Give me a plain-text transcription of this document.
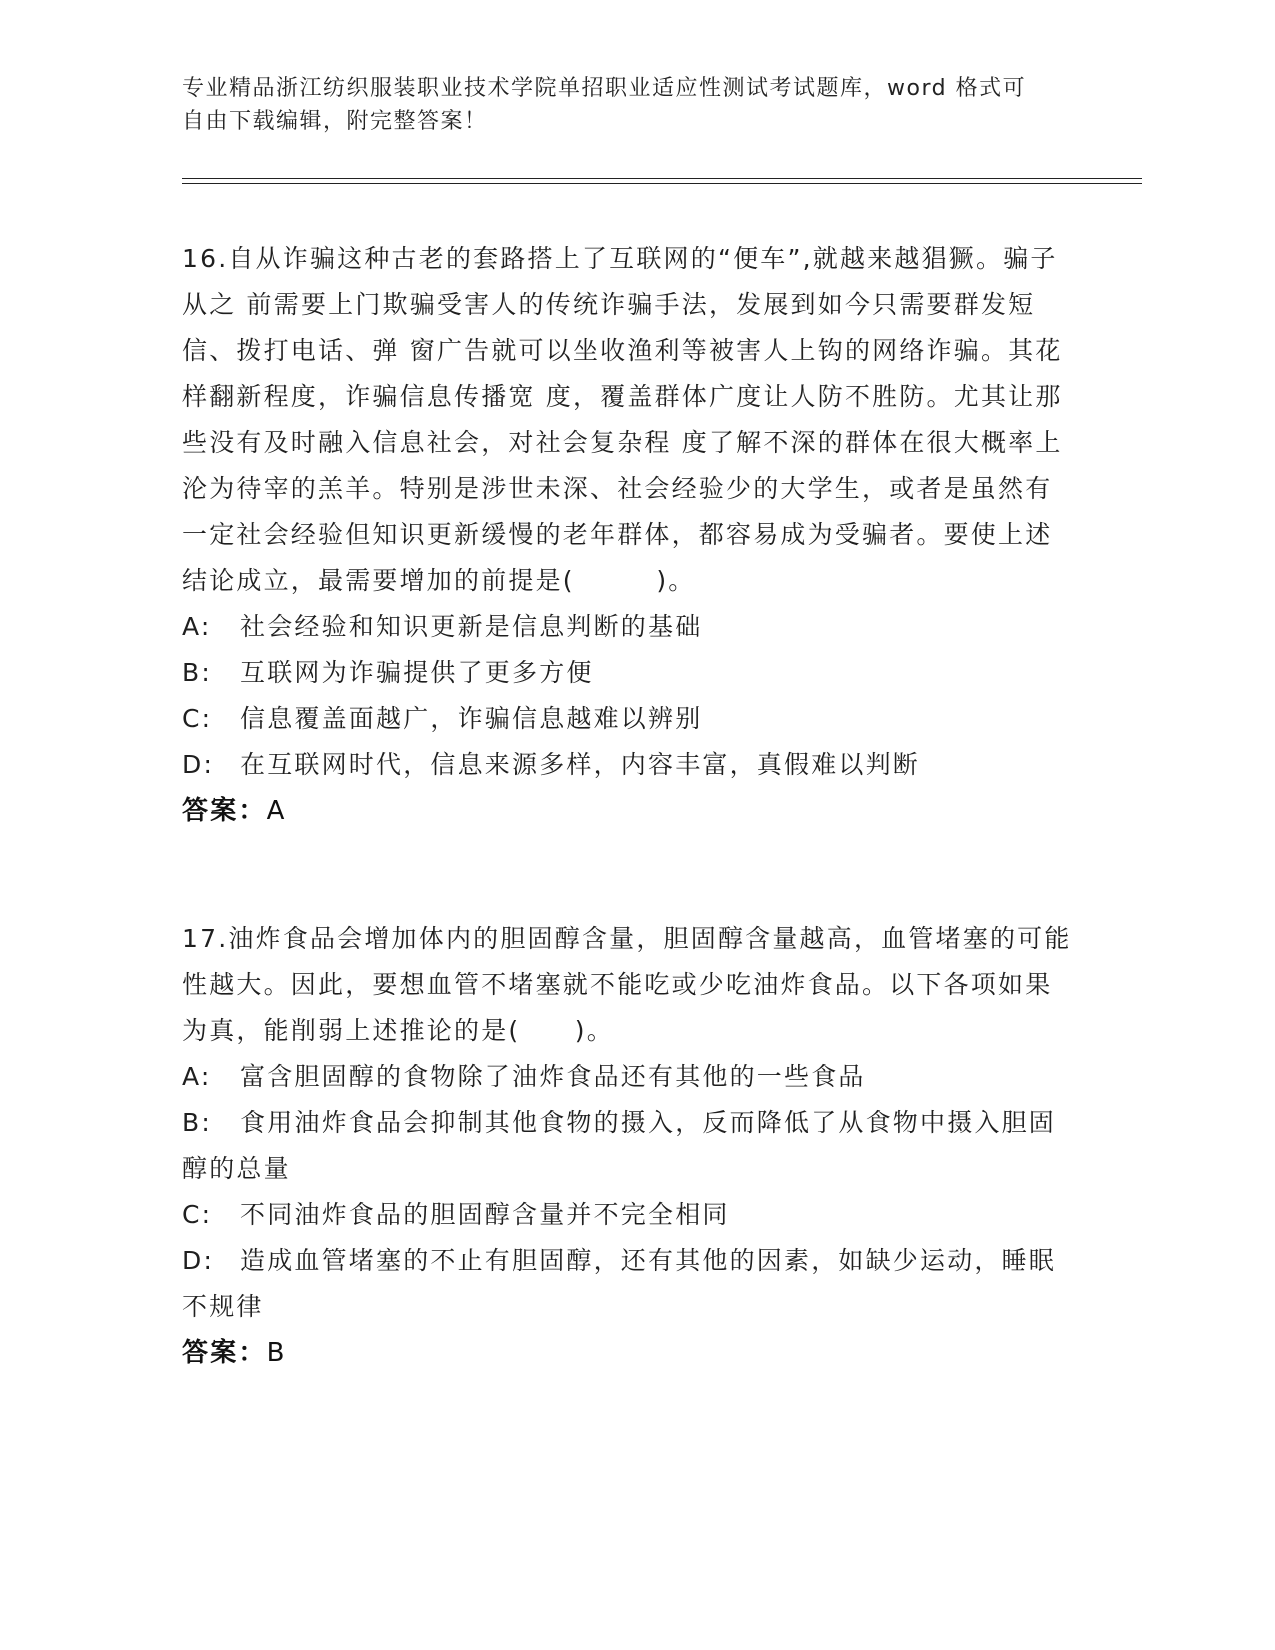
专业精品浙江纺织服装职业技术学院单招职业适应性测试考试题库，word 格式可自由下载编辑，附完整答案！
16.自从诈骗这种古老的套路搭上了互联网的“便车”,就越来越猖獗。骗子从之 前需要上门欺骗受害人的传统诈骗手法，发展到如今只需要群发短信、拨打电话、弹 窗广告就可以坐收渔利等被害人上钩的网络诈骗。其花样翻新程度，诈骗信息传播宽 度，覆盖群体广度让人防不胜防。尤其让那些没有及时融入信息社会，对社会复杂程 度了解不深的群体在很大概率上沦为待宰的羔羊。特别是涉世未深、社会经验少的大学生，或者是虽然有一定社会经验但知识更新缓慢的老年群体，都容易成为受骗者。要使上述结论成立，最需要增加的前提是(　　　)。
A: 社会经验和知识更新是信息判断的基础
B: 互联网为诈骗提供了更多方便
C: 信息覆盖面越广，诈骗信息越难以辨别
D: 在互联网时代，信息来源多样，内容丰富，真假难以判断
答案：A
17.油炸食品会增加体内的胆固醇含量，胆固醇含量越高，血管堵塞的可能性越大。因此，要想血管不堵塞就不能吃或少吃油炸食品。以下各项如果为真，能削弱上述推论的是(　　)。
A: 富含胆固醇的食物除了油炸食品还有其他的一些食品
B: 食用油炸食品会抑制其他食物的摄入，反而降低了从食物中摄入胆固醇的总量
C: 不同油炸食品的胆固醇含量并不完全相同
D: 造成血管堵塞的不止有胆固醇，还有其他的因素，如缺少运动，睡眠不规律
答案：B
